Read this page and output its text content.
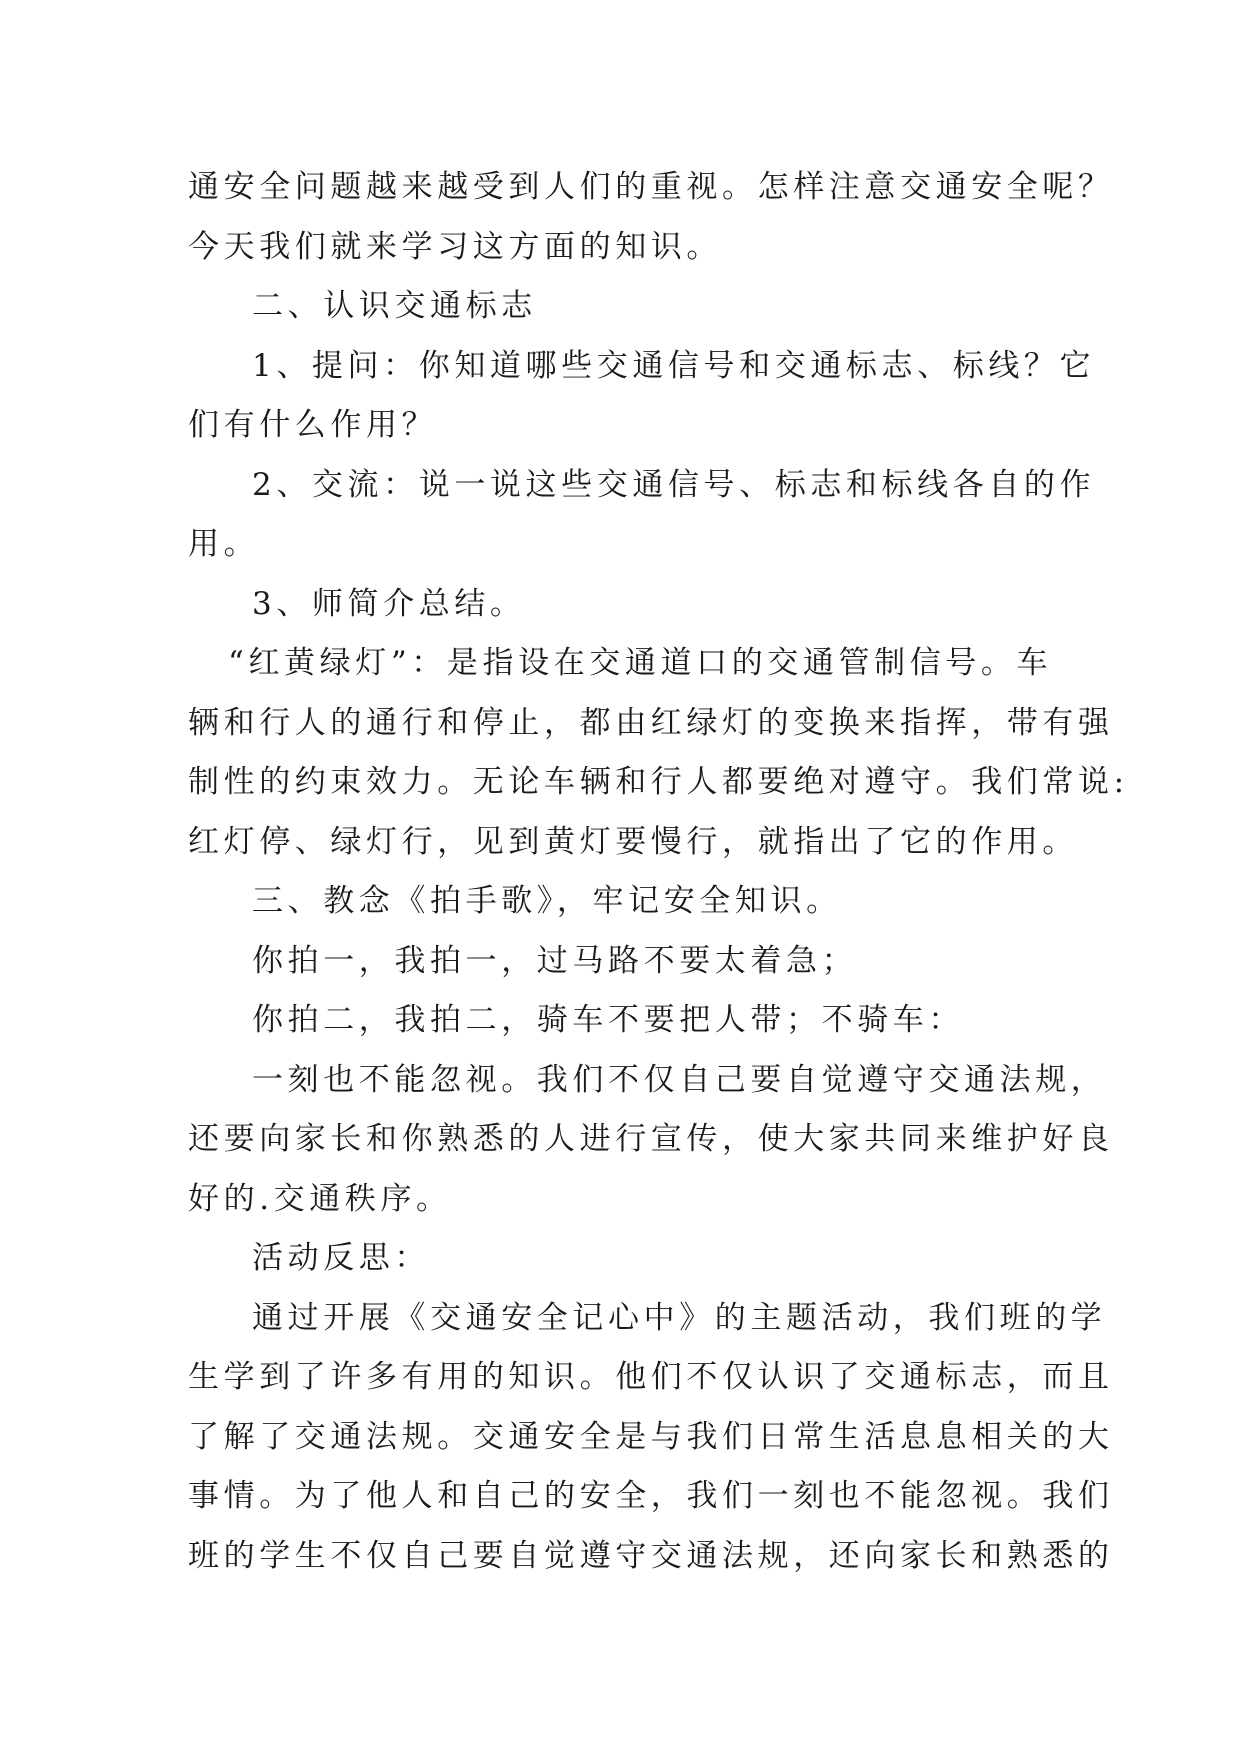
通安全问题越来越受到人们的重视。怎样注意交通安全呢？
今天我们就来学习这方面的知识。
二、认识交通标志
1、提问：你知道哪些交通信号和交通标志、标线？它
们有什么作用？
2、交流：说一说这些交通信号、标志和标线各自的作
用。
3、师简介总结。
“红黄绿灯”：是指设在交通道口的交通管制信号。车
辆和行人的通行和停止，都由红绿灯的变换来指挥，带有强
制性的约束效力。无论车辆和行人都要绝对遵守。我们常说:
红灯停、绿灯行，见到黄灯要慢行，就指出了它的作用。
三、教念《拍手歌》，牢记安全知识。
你拍一，我拍一，过马路不要太着急；
你拍二，我拍二，骑车不要把人带；不骑车：
一刻也不能忽视。我们不仅自己要自觉遵守交通法规，
还要向家长和你熟悉的人进行宣传，使大家共同来维护好良
好的.交通秩序。
活动反思：
通过开展《交通安全记心中》的主题活动，我们班的学
生学到了许多有用的知识。他们不仅认识了交通标志，而且
了解了交通法规。交通安全是与我们日常生活息息相关的大
事情。为了他人和自己的安全，我们一刻也不能忽视。我们
班的学生不仅自己要自觉遵守交通法规，还向家长和熟悉的
